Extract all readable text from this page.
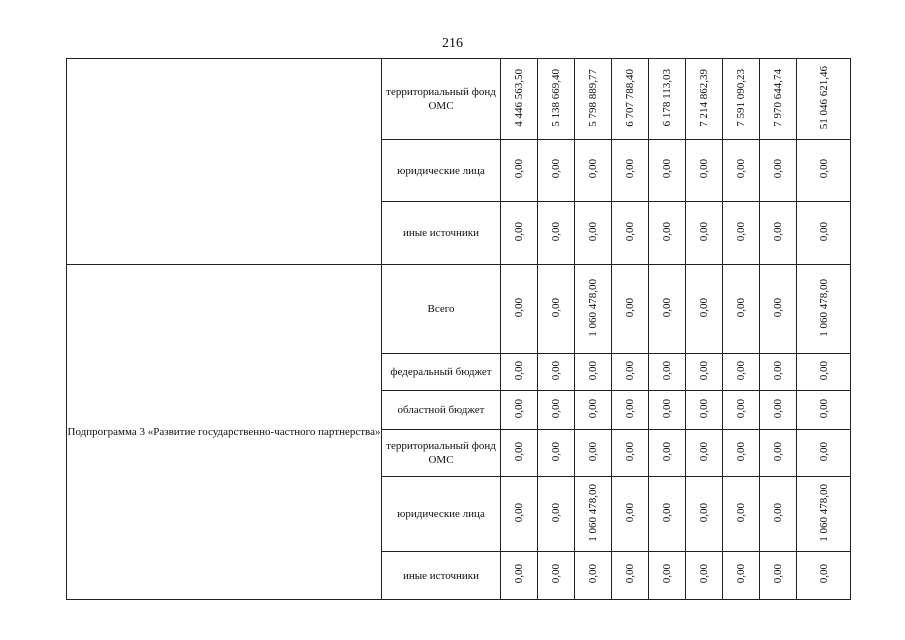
216
	территориальный фонд ОМС	4 446 563,50	5 138 669,40	5 798 889,77	6 707 788,40	6 178 113,03	7 214 862,39	7 591 090,23	7 970 644,74	51 046 621,46
	юридические лица	0,00	0,00	0,00	0,00	0,00	0,00	0,00	0,00	0,00
	иные источники	0,00	0,00	0,00	0,00	0,00	0,00	0,00	0,00	0,00
Подпрограмма 3 «Развитие государственно-частного партнерства»	Всего	0,00	0,00	1 060 478,00	0,00	0,00	0,00	0,00	0,00	1 060 478,00
	федеральный бюджет	0,00	0,00	0,00	0,00	0,00	0,00	0,00	0,00	0,00
	областной бюджет	0,00	0,00	0,00	0,00	0,00	0,00	0,00	0,00	0,00
	территориальный фонд ОМС	0,00	0,00	0,00	0,00	0,00	0,00	0,00	0,00	0,00
	юридические лица	0,00	0,00	1 060 478,00	0,00	0,00	0,00	0,00	0,00	1 060 478,00
	иные источники	0,00	0,00	0,00	0,00	0,00	0,00	0,00	0,00	0,00
